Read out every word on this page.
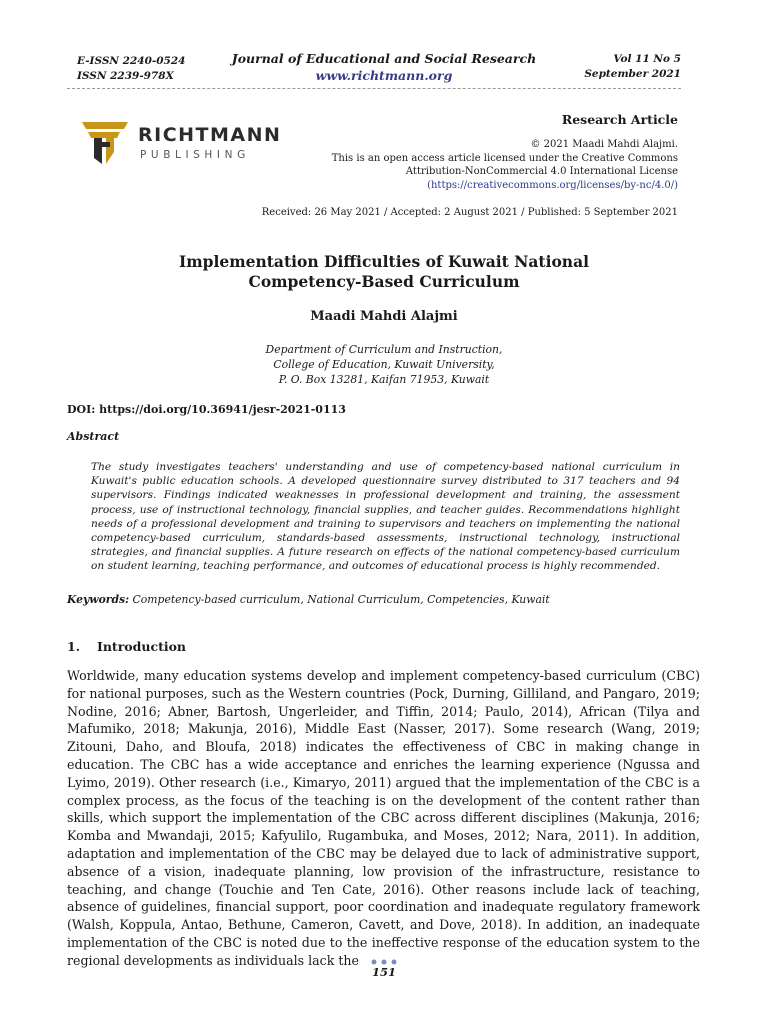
E-ISSN 2240-0524
ISSN 2239-978X
Journal of Educational and Social Research
www.richtmann.org
Vol 11 No 5
September 2021
RICHTMANN
PUBLISHING
Research Article
© 2021 Maadi Mahdi Alajmi.
This is an open access article licensed under the Creative Commons
Attribution-NonCommercial 4.0 International License
(https://creativecommons.org/licenses/by-nc/4.0/)
Received: 26 May 2021 / Accepted: 2 August 2021 / Published: 5 September 2021
Implementation Difficulties of Kuwait National
Competency-Based Curriculum
Maadi Mahdi Alajmi
Department of Curriculum and Instruction,
College of Education, Kuwait University,
P. O. Box 13281, Kaifan 71953, Kuwait
DOI: https://doi.org/10.36941/jesr-2021-0113
Abstract
The study investigates teachers' understanding and use of competency-based national curriculum in Kuwait's public education schools. A developed questionnaire survey distributed to 317 teachers and 94 supervisors. Findings indicated weaknesses in professional development and training, the assessment process, use of instructional technology, financial supplies, and teacher guides. Recommendations highlight needs of a professional development and training to supervisors and teachers on implementing the national competency-based curriculum, standards-based assessments, instructional technology, instructional strategies, and financial supplies. A future research on effects of the national competency-based curriculum on student learning, teaching performance, and outcomes of educational process is highly recommended.
Keywords: Competency-based curriculum, National Curriculum, Competencies, Kuwait
1. Introduction
Worldwide, many education systems develop and implement competency-based curriculum (CBC) for national purposes, such as the Western countries (Pock, Durning, Gilliland, and Pangaro, 2019; Nodine, 2016; Abner, Bartosh, Ungerleider, and Tiffin, 2014; Paulo, 2014), African (Tilya and Mafumiko, 2018; Makunja, 2016), Middle East (Nasser, 2017). Some research (Wang, 2019; Zitouni, Daho, and Bloufa, 2018) indicates the effectiveness of CBC in making change in education. The CBC has a wide acceptance and enriches the learning experience (Ngussa and Lyimo, 2019). Other research (i.e., Kimaryo, 2011) argued that the implementation of the CBC is a complex process, as the focus of the teaching is on the development of the content rather than skills, which support the implementation of the CBC across different disciplines (Makunja, 2016; Komba and Mwandaji, 2015; Kafyulilo, Rugambuka, and Moses, 2012; Nara, 2011). In addition, adaptation and implementation of the CBC may be delayed due to lack of administrative support, absence of a vision, inadequate planning, low provision of the infrastructure, resistance to teaching, and change (Touchie and Ten Cate, 2016). Other reasons include lack of teaching, absence of guidelines, financial support, poor coordination and inadequate regulatory framework (Walsh, Koppula, Antao, Bethune, Cameron, Cavett, and Dove, 2018). In addition, an inadequate implementation of the CBC is noted due to the ineffective response of the education system to the regional developments as individuals lack the
151
